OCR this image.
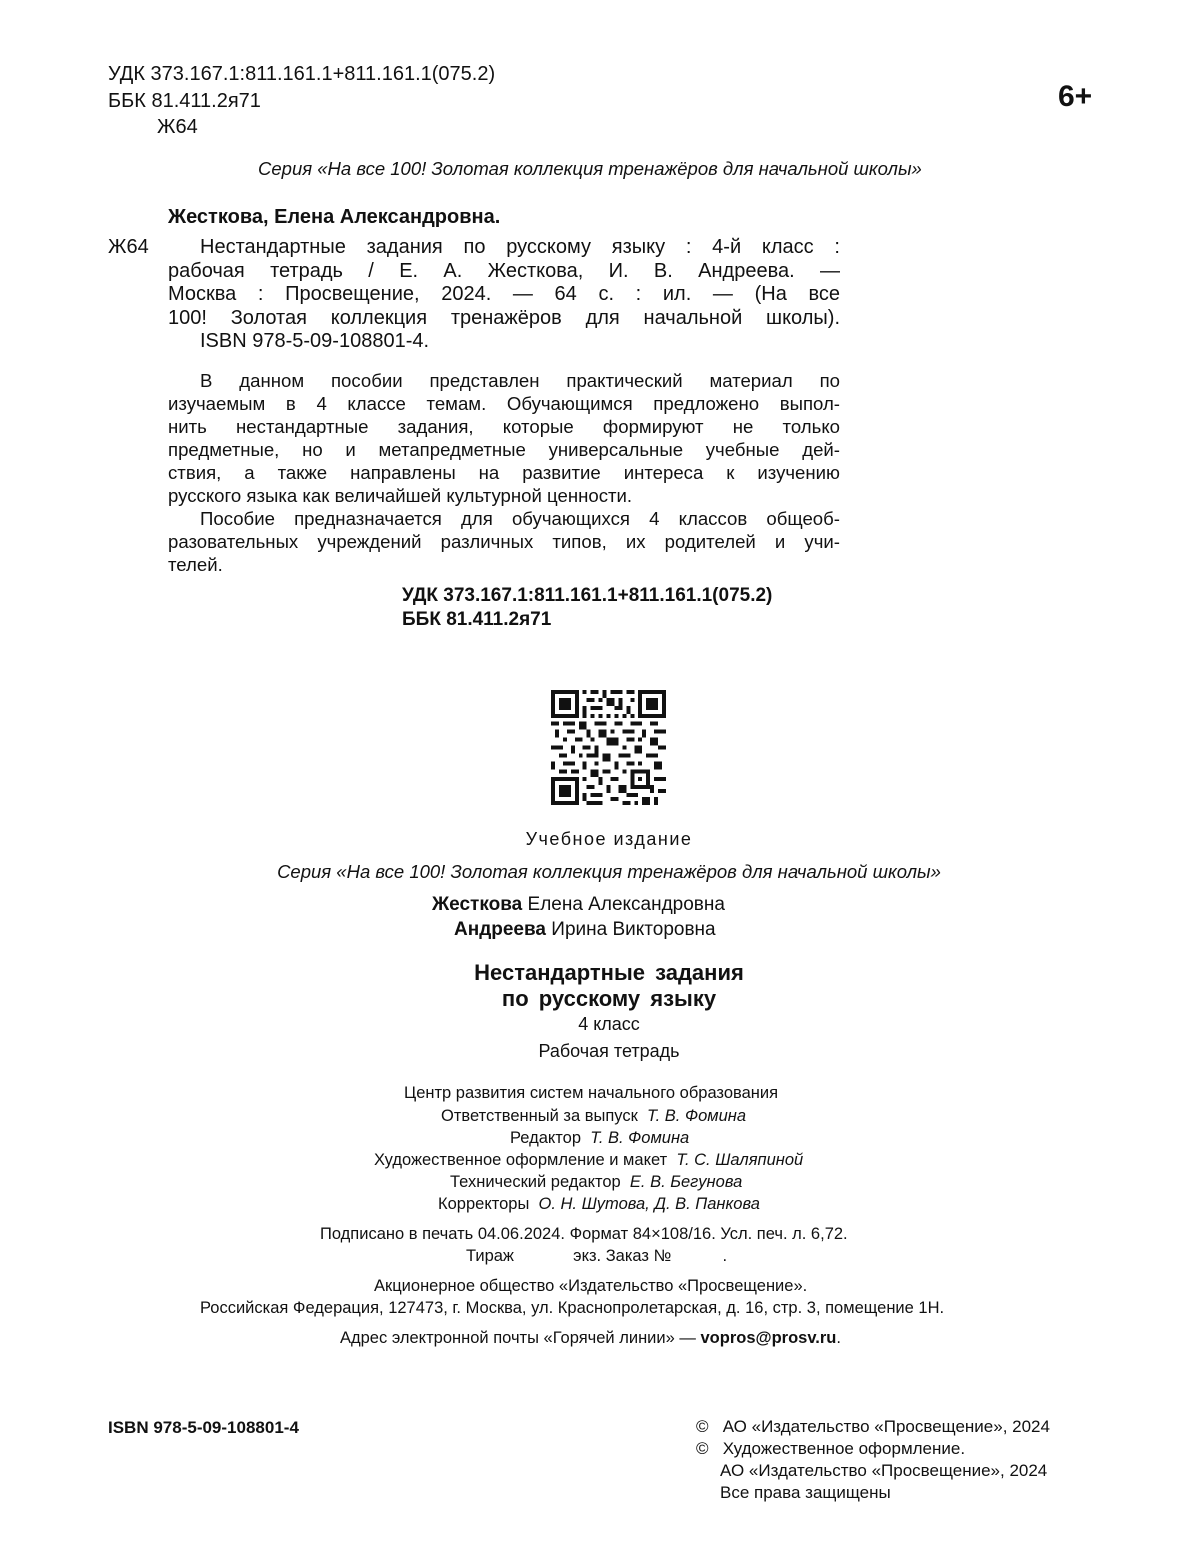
УДК 373.167.1:811.161.1+811.161.1(075.2)
ББК 81.411.2я71
Ж64
6+
Серия «На все 100! Золотая коллекция тренажёров для начальной школы»
Жесткова, Елена Александровна.
Ж64	Нестандартные задания по русскому языку : 4-й класс :
рабочая тетрадь / Е. А. Жесткова, И. В. Андреева. —
Москва : Просвещение, 2024. — 64 с. : ил. — (На все
100! Золотая коллекция тренажёров для начальной школы).
ISBN 978-5-09-108801-4.
В данном пособии представлен практический материал по
изучаемым в 4 классе темам. Обучающимся предложено выпол-
нить нестандартные задания, которые формируют не только
предметные, но и метапредметные универсальные учебные дей-
ствия, а также направлены на развитие интереса к изучению
русского языка как величайшей культурной ценности.
Пособие предназначается для обучающихся 4 классов общеоб-
разовательных учреждений различных типов, их родителей и учи-
телей.
УДК 373.167.1:811.161.1+811.161.1(075.2)
ББК 81.411.2я71
Учебное издание
Серия «На все 100! Золотая коллекция тренажёров для начальной школы»
Жесткова Елена Александровна
Андреева Ирина Викторовна
Нестандартные задания
по русскому языку
4 класс
Рабочая тетрадь
Центр развития систем начального образования
Ответственный за выпуск Т. В. Фомина
Редактор Т. В. Фомина
Художественное оформление и макет Т. С. Шаляпиной
Технический редактор Е. В. Бегунова
Корректоры О. Н. Шутова, Д. В. Панкова
Подписано в печать 04.06.2024. Формат 84×108/16. Усл. печ. л. 6,72.
Тираж	экз. Заказ №	.
Акционерное общество «Издательство «Просвещение».
Российская Федерация, 127473, г. Москва, ул. Краснопролетарская, д. 16, стр. 3, помещение 1Н.
Адрес электронной почты «Горячей линии» — vopros@prosv.ru.
ISBN 978-5-09-108801-4	© АО «Издательство «Просвещение», 2024
© Художественное оформление.
АО «Издательство «Просвещение», 2024
Все права защищены
